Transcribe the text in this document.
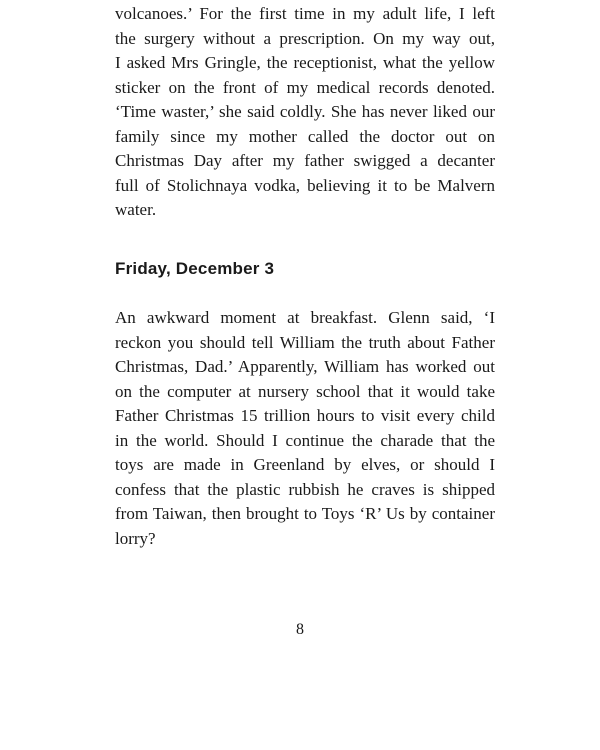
volcanoes.’ For the first time in my adult life, I left
the surgery without a prescription. On my way out,
I asked Mrs Gringle, the receptionist, what the yellow
sticker on the front of my medical records denoted.
‘Time waster,’ she said coldly. She has never liked our
family since my mother called the doctor out on
Christmas Day after my father swigged a decanter
full of Stolichnaya vodka, believing it to be Malvern
water.

Friday, December 3

An awkward moment at breakfast. Glenn said, ‘I
reckon you should tell William the truth about Father
Christmas, Dad.’ Apparently, William has worked out
on the computer at nursery school that it would take
Father Christmas 15 trillion hours to visit every child
in the world. Should I continue the charade that the
toys are made in Greenland by elves, or should I
confess that the plastic rubbish he craves is shipped
from Taiwan, then brought to Toys ‘R’ Us by container
lorry?

8
